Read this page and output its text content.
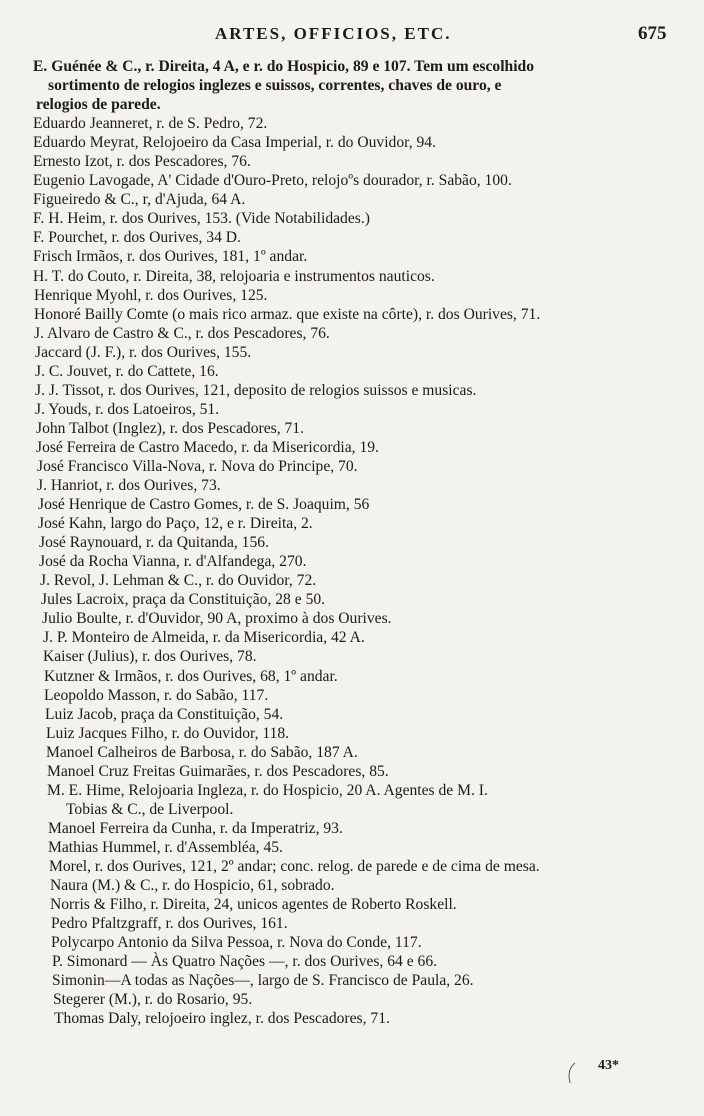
ARTES, OFFICIOS, ETC.	675

E. Guénée & C., r. Direita, 4 A, e r. do Hospicio, 89 e 107. Tem um escolhido
sortimento de relogios inglezes e suissos, correntes, chaves de ouro, e
relogios de parede.

Eduardo Jeanneret, r. de S. Pedro, 72.

Eduardo Meyrat, Relojoeiro da Casa Imperial, r. do Ouvidor, 94.

Ernesto Izot, r. dos Pescadores, 76.

Eugenio Lavogade, A' Cidade d'Ouro-Preto, relojoºs dourador, r. Sabão, 100.

Figueiredo & C., r, d'Ajuda, 64 A.

F. H. Heim, r. dos Ourives, 153. (Vide Notabilidades.)

F. Pourchet, r. dos Ourives, 34 D.

Frisch Irmãos, r. dos Ourives, 181, 1º andar.

H. T. do Couto, r. Direita, 38, relojoaria e instrumentos nauticos.

Henrique Myohl, r. dos Ourives, 125.

Honoré Bailly Comte (o mais rico armaz. que existe na côrte), r. dos Ourives, 71.

J. Alvaro de Castro & C., r. dos Pescadores, 76.

Jaccard (J. F.), r. dos Ourives, 155.

J. C. Jouvet, r. do Cattete, 16.

J. J. Tissot, r. dos Ourives, 121, deposito de relogios suissos e musicas.

J. Youds, r. dos Latoeiros, 51.

John Talbot (Inglez), r. dos Pescadores, 71.

José Ferreira de Castro Macedo, r. da Misericordia, 19.

José Francisco Villa-Nova, r. Nova do Principe, 70.

J. Hanriot, r. dos Ourives, 73.

José Henrique de Castro Gomes, r. de S. Joaquim, 56

José Kahn, largo do Paço, 12, e r. Direita, 2.

José Raynouard, r. da Quitanda, 156.

José da Rocha Vianna, r. d'Alfandega, 270.

J. Revol, J. Lehman & C., r. do Ouvidor, 72.

Jules Lacroix, praça da Constituição, 28 e 50.

Julio Boulte, r. d'Ouvidor, 90 A, proximo à dos Ourives.

J. P. Monteiro de Almeida, r. da Misericordia, 42 A.

Kaiser (Julius), r. dos Ourives, 78.

Kutzner & Irmãos, r. dos Ourives, 68, 1º andar.

Leopoldo Masson, r. do Sabão, 117.

Luiz Jacob, praça da Constituição, 54.

Luiz Jacques Filho, r. do Ouvidor, 118.

Manoel Calheiros de Barbosa, r. do Sabão, 187 A.

Manoel Cruz Freitas Guimarães, r. dos Pescadores, 85.

M. E. Hime, Relojoaria Ingleza, r. do Hospicio, 20 A. Agentes de M. I.
Tobias & C., de Liverpool.

Manoel Ferreira da Cunha, r. da Imperatriz, 93.

Mathias Hummel, r. d'Assembléa, 45.

Morel, r. dos Ourives, 121, 2º andar; conc. relog. de parede e de cima de mesa.

Naura (M.) & C., r. do Hospicio, 61, sobrado.

Norris & Filho, r. Direita, 24, unicos agentes de Roberto Roskell.

Pedro Pfaltzgraff, r. dos Ourives, 161.

Polycarpo Antonio da Silva Pessoa, r. Nova do Conde, 117.

P. Simonard — Às Quatro Nações —, r. dos Ourives, 64 e 66.

Simonin—A todas as Nações—, largo de S. Francisco de Paula, 26.

Stegerer (M.), r. do Rosario, 95.

Thomas Daly, relojoeiro inglez, r. dos Pescadores, 71.

43*
